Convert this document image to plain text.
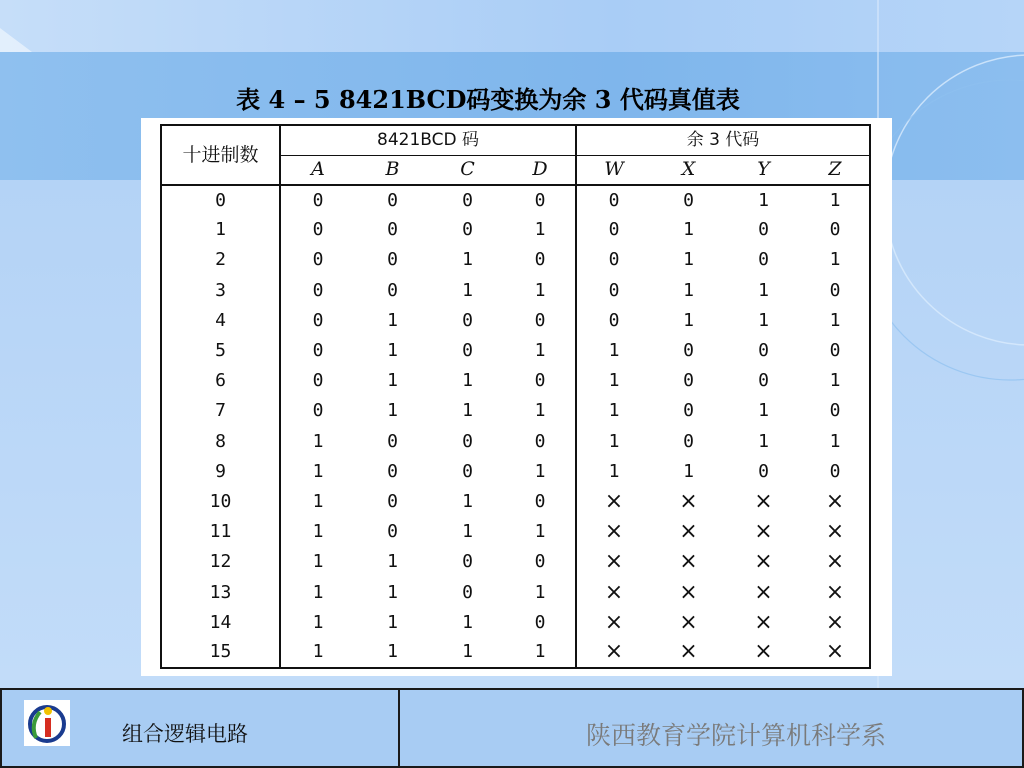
表 4 – 5 8421BCD码变换为余 3 代码真值表
十进制数	8421BCD 码				余 3 代码			
	A	B	C	D	W	X	Y	Z
0	0	0	0	0	0	0	1	1
1	0	0	0	1	0	1	0	0
2	0	0	1	0	0	1	0	1
3	0	0	1	1	0	1	1	0
4	0	1	0	0	0	1	1	1
5	0	1	0	1	1	0	0	0
6	0	1	1	0	1	0	0	1
7	0	1	1	1	1	0	1	0
8	1	0	0	0	1	0	1	1
9	1	0	0	1	1	1	0	0
10	1	0	1	0	×	×	×	×
11	1	0	1	1	×	×	×	×
12	1	1	0	0	×	×	×	×
13	1	1	0	1	×	×	×	×
14	1	1	1	0	×	×	×	×
15	1	1	1	1	×	×	×	×
组合逻辑电路	陕西教育学院计算机科学系
